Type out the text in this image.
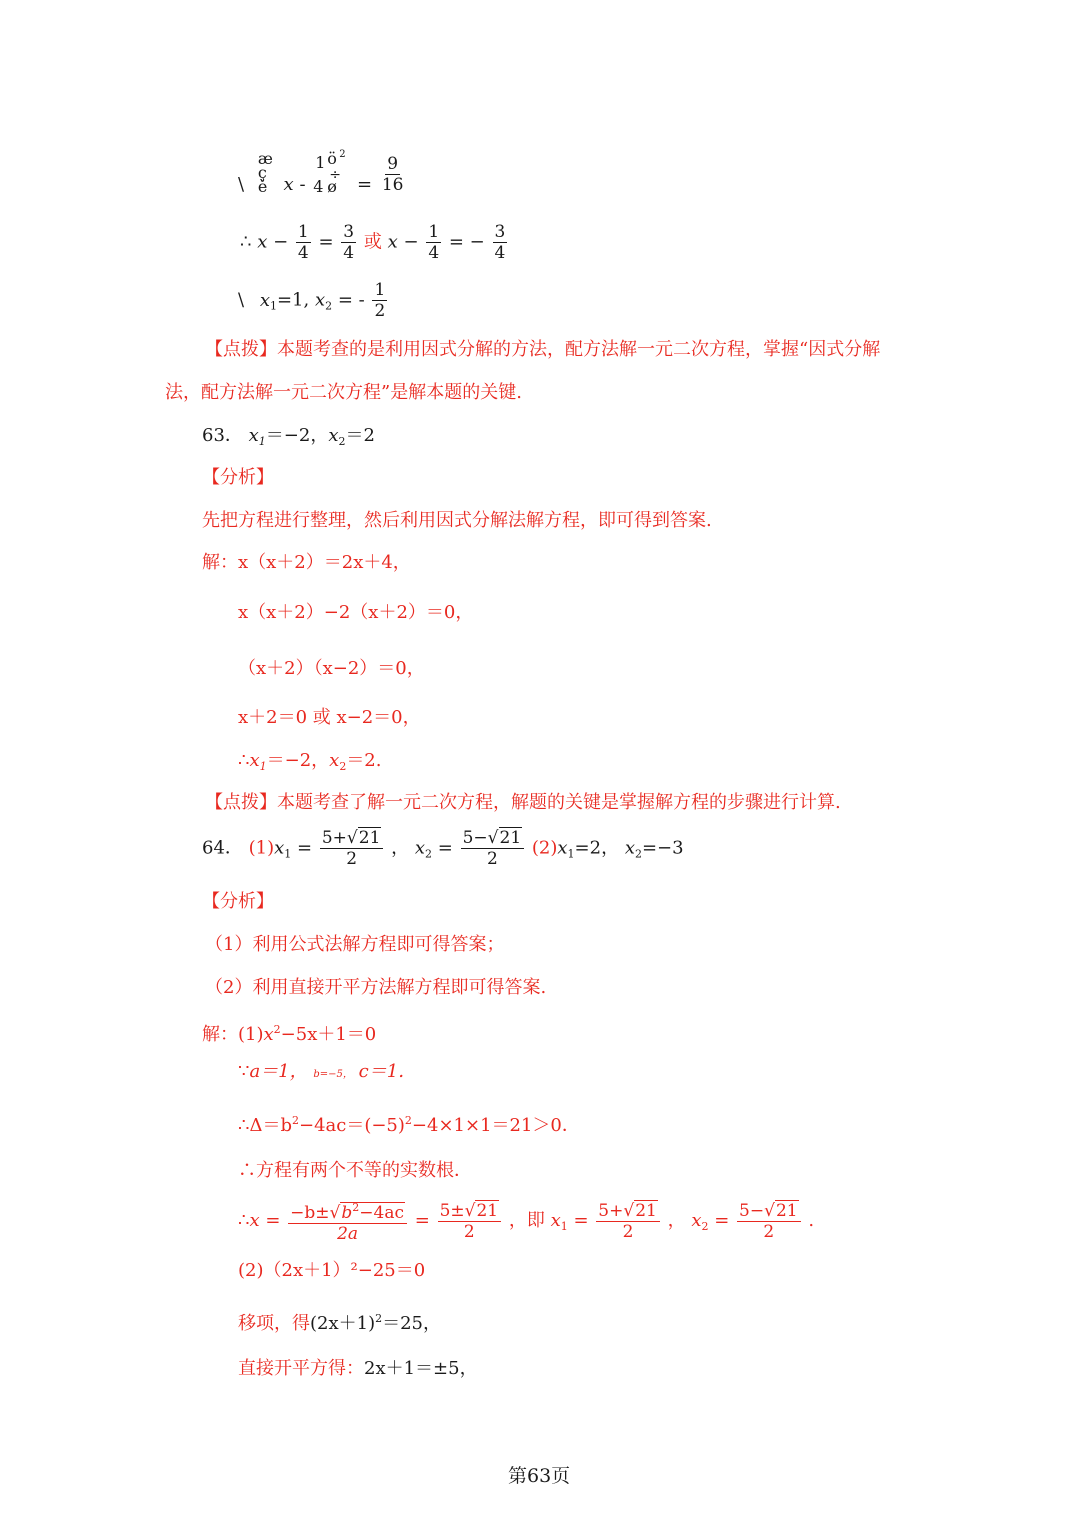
\
æ
ç
è x -
1 ö 2
÷
4 ø = $\frac{9}{16}$
∴ $x - \frac{1}{4} = \frac{3}{4}$ 或 $x - \frac{1}{4}$ = − $\frac{3}{4}$
\ $x_1=1$, $x_2$ = - $\frac{1}{2}$
【点拨】本题考查的是利用因式分解的方法，配方法解一元二次方程，掌握“因式分解
法，配方法解一元二次方程”是解本题的关键.
63． $x_1=-2$，$x_2=2$
【分析】
先把方程进行整理，然后利用因式分解法解方程，即可得到答案.
解：x（x＋2）＝2x＋4，
x（x＋2）−2（x＋2）＝0，
（x＋2）（x−2）＝0，
x＋2＝0 或 x−2＝0，
$\therefore x_1=-2$，$x_2=2$.
【点拨】本题考查了解一元二次方程，解题的关键是掌握解方程的步骤进行计算.
64． $(1)x_1 = \frac{5+√21}{2}$ ， $x_2 = \frac{5-√21}{2} (2)x_1=2$， $x_2=-3$
【分析】
（1）利用公式法解方程即可得答案；
（2）利用直接开平方法解方程即可得答案.
解：$(1)x^2-5x+1=0$
∵a＝1， b=−5， c＝1．
$\therefore\Delta=b^2-4ac=(-5)^2-4\times 1\times 1=21>0$．
∴方程有两个不等的实数根．
∴x = $\frac{-b\pm√b^2-4ac}{2a} = \frac{5\pm√21}{2}$ ，即 $x_1 = \frac{5+√21}{2}$ ， $x_2 = \frac{5-√21}{2}$ .
(2)（2x＋1）²−25＝0
移项，得$(2x+1)^2=25$，
直接开平方得：2x＋1＝±5，
第63页
